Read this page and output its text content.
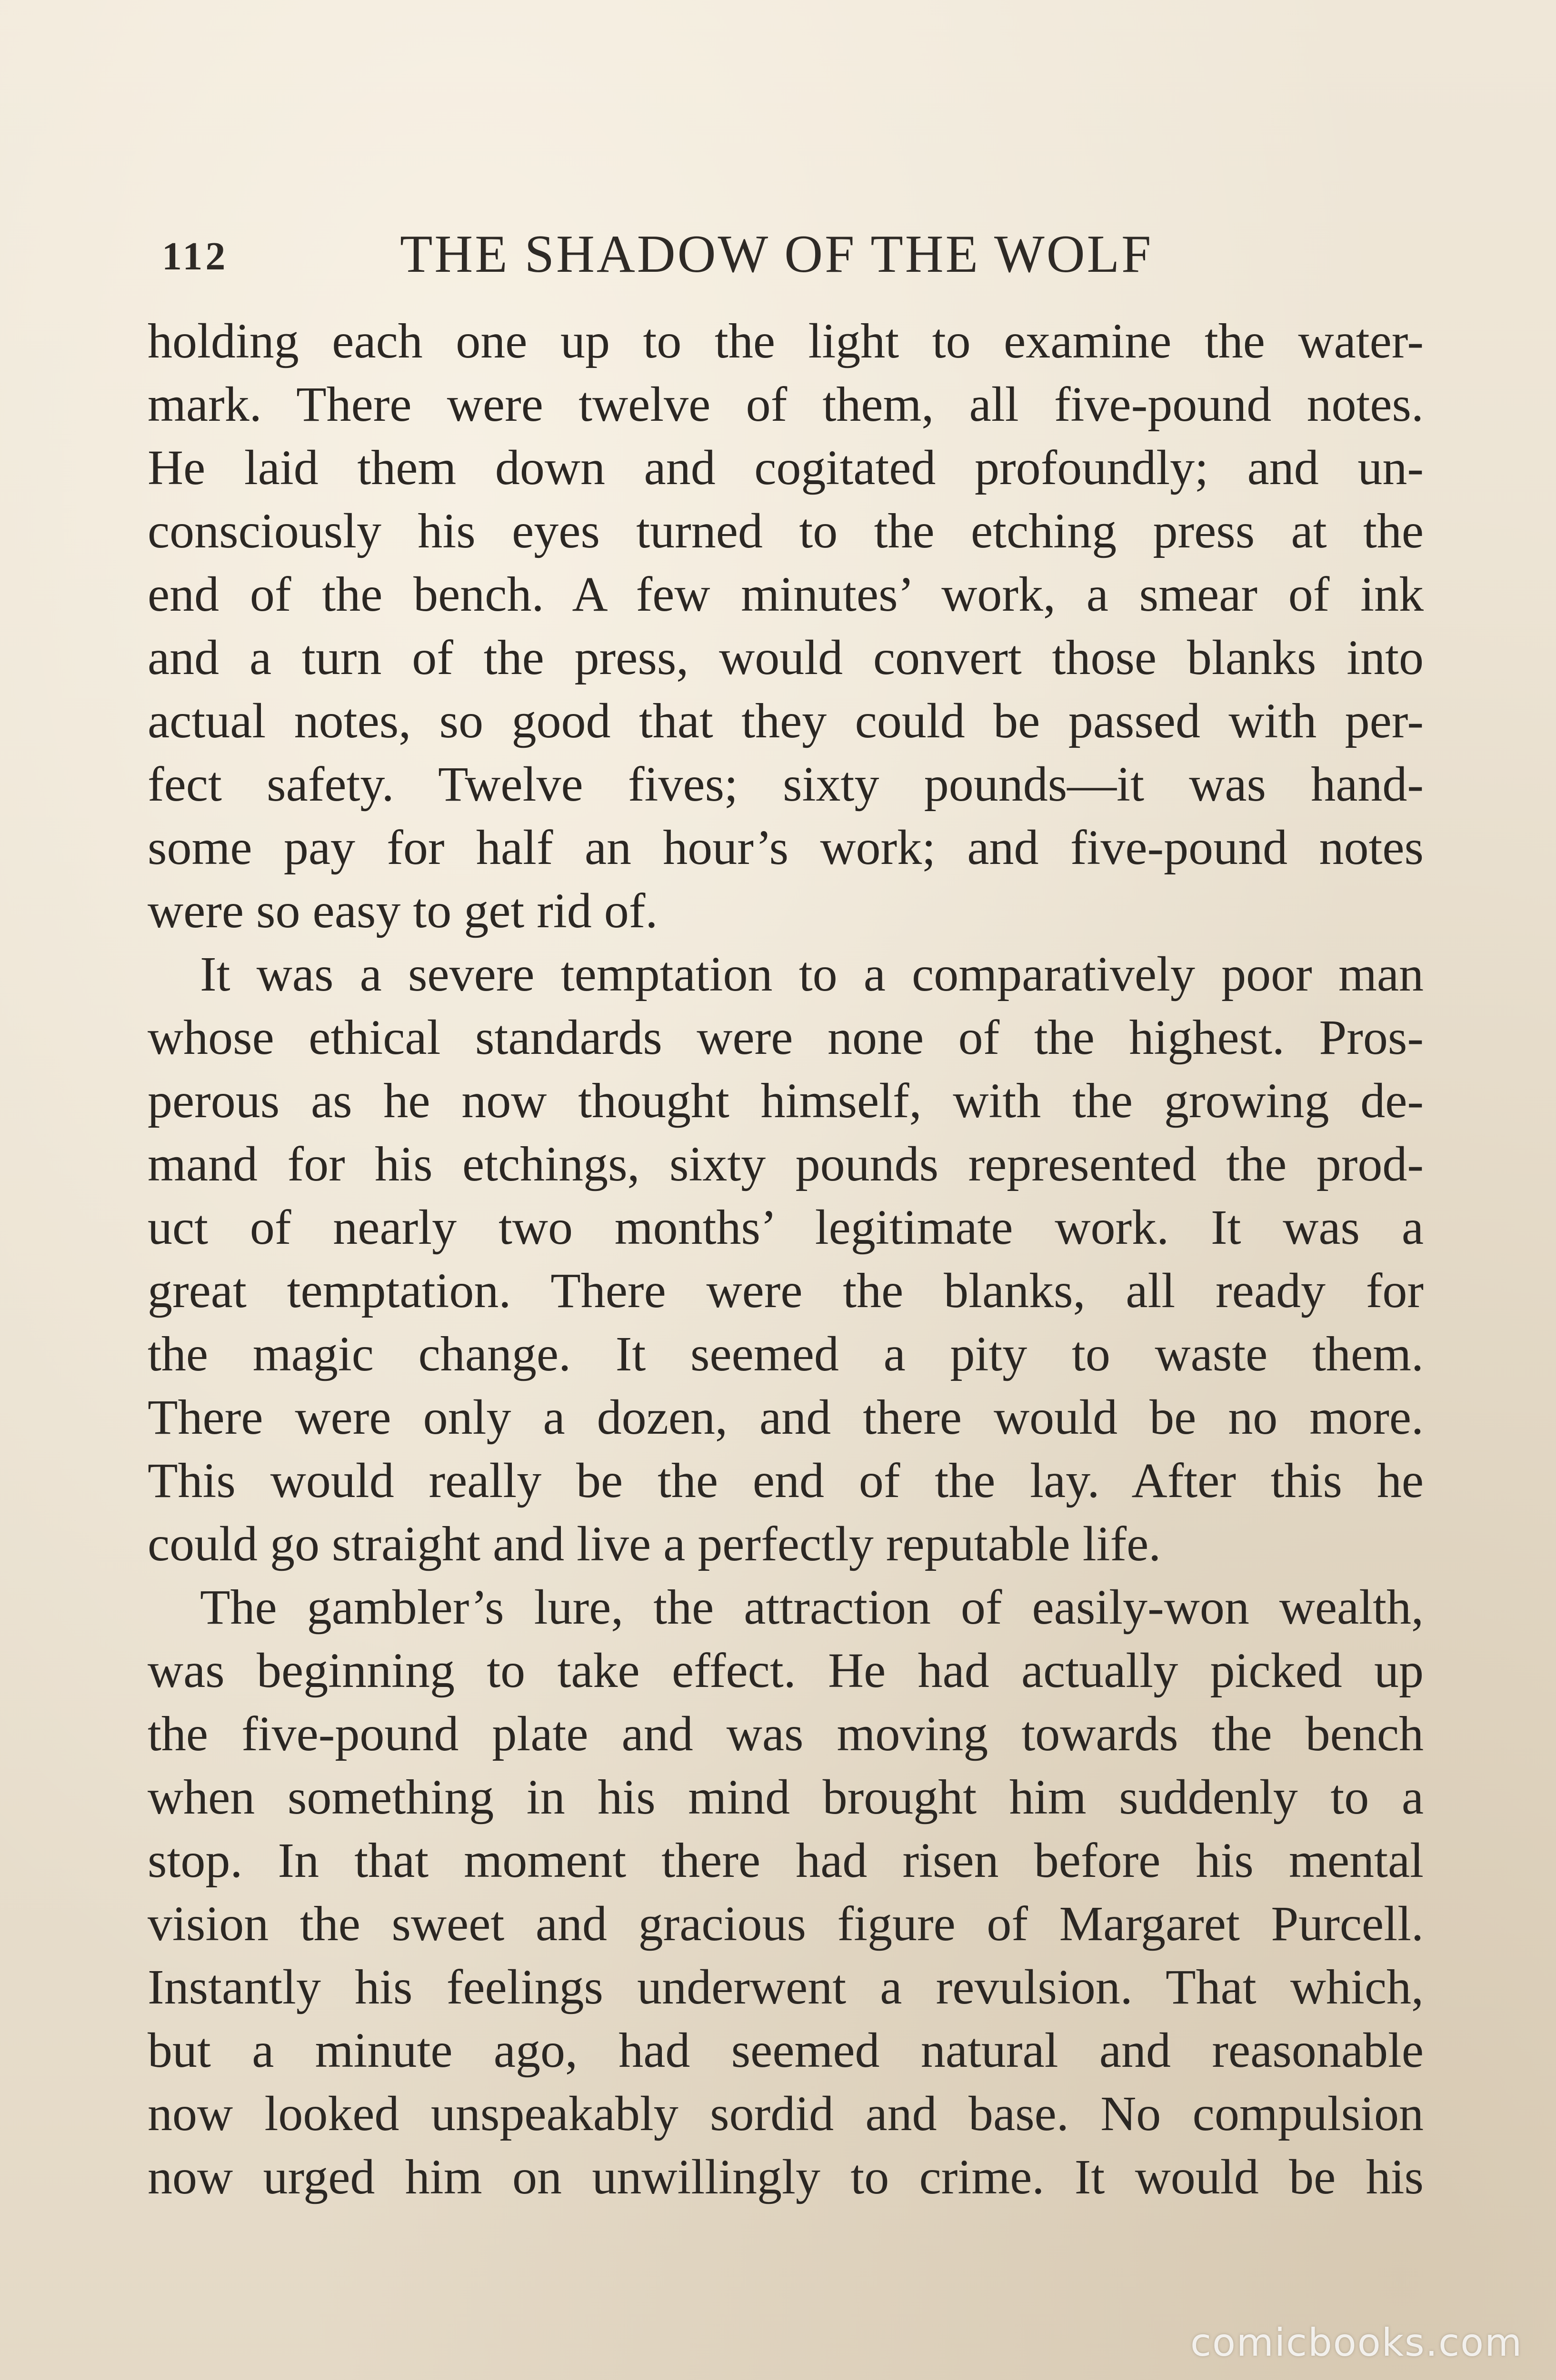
112	THE SHADOW OF THE WOLF
holding each one up to the light to examine the water-
mark. There were twelve of them, all five-pound notes.
He laid them down and cogitated profoundly; and un-
consciously his eyes turned to the etching press at the
end of the bench. A few minutes’ work, a smear of ink
and a turn of the press, would convert those blanks into
actual notes, so good that they could be passed with per-
fect safety. Twelve fives; sixty pounds—it was hand-
some pay for half an hour’s work; and five-pound notes
were so easy to get rid of.
It was a severe temptation to a comparatively poor man
whose ethical standards were none of the highest. Pros-
perous as he now thought himself, with the growing de-
mand for his etchings, sixty pounds represented the prod-
uct of nearly two months’ legitimate work. It was a
great temptation. There were the blanks, all ready for
the magic change. It seemed a pity to waste them.
There were only a dozen, and there would be no more.
This would really be the end of the lay. After this he
could go straight and live a perfectly reputable life.
The gambler’s lure, the attraction of easily-won wealth,
was beginning to take effect. He had actually picked up
the five-pound plate and was moving towards the bench
when something in his mind brought him suddenly to a
stop. In that moment there had risen before his mental
vision the sweet and gracious figure of Margaret Purcell.
Instantly his feelings underwent a revulsion. That which,
but a minute ago, had seemed natural and reasonable
now looked unspeakably sordid and base. No compulsion
now urged him on unwillingly to crime. It would be his
comicbooks.com
